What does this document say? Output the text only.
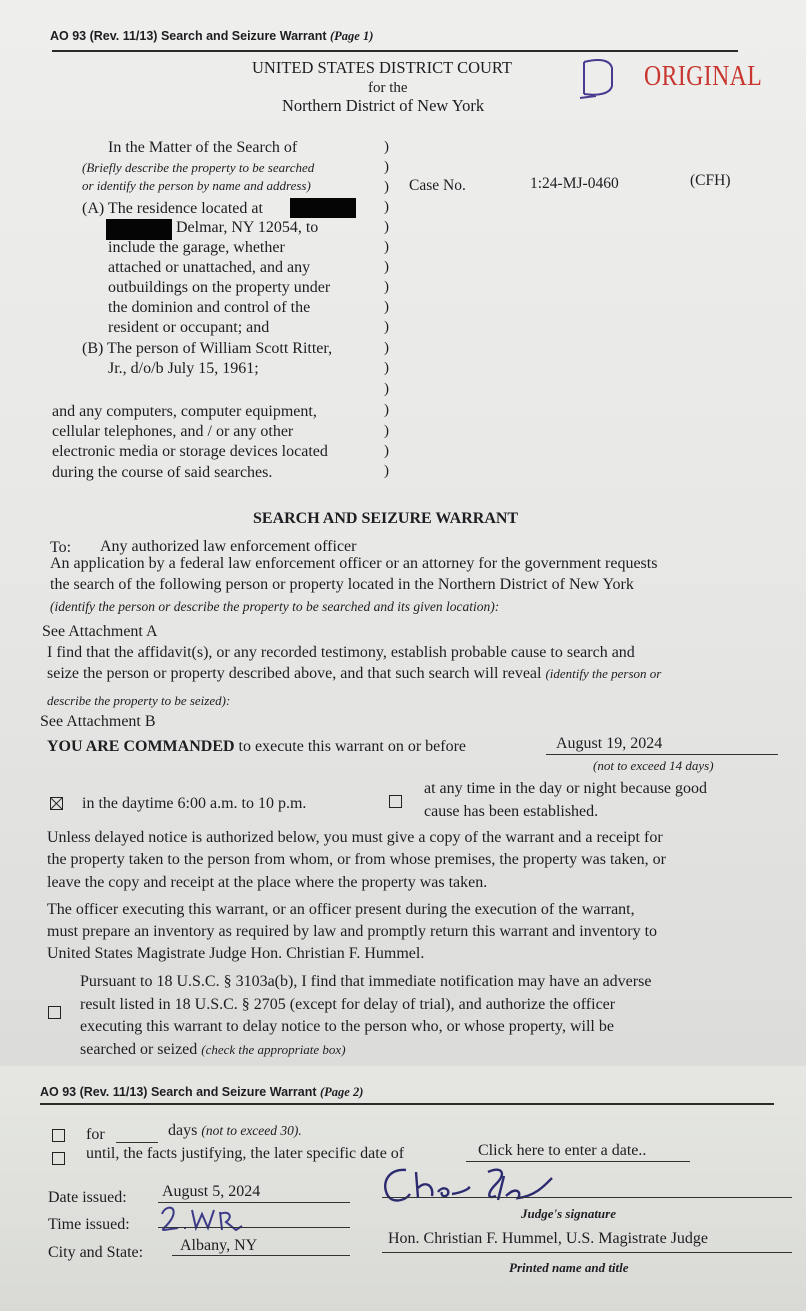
AO 93 (Rev. 11/13) Search and Seizure Warrant (Page 1)
UNITED STATES DISTRICT COURT
for the
Northern District of New York
ORIGINAL
In the Matter of the Search of
(Briefly describe the property to be searched
or identify the person by name and address)
(A) The residence located at
Delmar, NY 12054, to
include the garage, whether
attached or unattached, and any
outbuildings on the property under
the dominion and control of the
resident or occupant; and
(B) The person of William Scott Ritter,
Jr., d/o/b July 15, 1961;
and any computers, computer equipment,
cellular telephones, and / or any other
electronic media or storage devices located
during the course of said searches.
)
)
)
)
)
)
)
)
)
)
)
)
)
)
)
)
)
Case No.	1:24-MJ-0460	(CFH)
SEARCH AND SEIZURE WARRANT
To: Any authorized law enforcement officer
An application by a federal law enforcement officer or an attorney for the government requests
the search of the following person or property located in the Northern District of New York
(identify the person or describe the property to be searched and its given location):
See Attachment A
I find that the affidavit(s), or any recorded testimony, establish probable cause to search and
seize the person or property described above, and that such search will reveal (identify the person or
describe the property to be seized):
See Attachment B
YOU ARE COMMANDED to execute this warrant on or before	August 19, 2024
(not to exceed 14 days)
in the daytime 6:00 a.m. to 10 p.m.
at any time in the day or night because good
cause has been established.
Unless delayed notice is authorized below, you must give a copy of the warrant and a receipt for
the property taken to the person from whom, or from whose premises, the property was taken, or
leave the copy and receipt at the place where the property was taken.
The officer executing this warrant, or an officer present during the execution of the warrant,
must prepare an inventory as required by law and promptly return this warrant and inventory to
United States Magistrate Judge Hon. Christian F. Hummel.
Pursuant to 18 U.S.C. § 3103a(b), I find that immediate notification may have an adverse
result listed in 18 U.S.C. § 2705 (except for delay of trial), and authorize the officer
executing this warrant to delay notice to the person who, or whose property, will be
searched or seized (check the appropriate box)
AO 93 (Rev. 11/13) Search and Seizure Warrant (Page 2)
for	days (not to exceed 30).
until, the facts justifying, the later specific date of	Click here to enter a date..
Date issued: August 5, 2024
Time issued:
City and State: Albany, NY
Judge's signature
Hon. Christian F. Hummel, U.S. Magistrate Judge
Printed name and title
